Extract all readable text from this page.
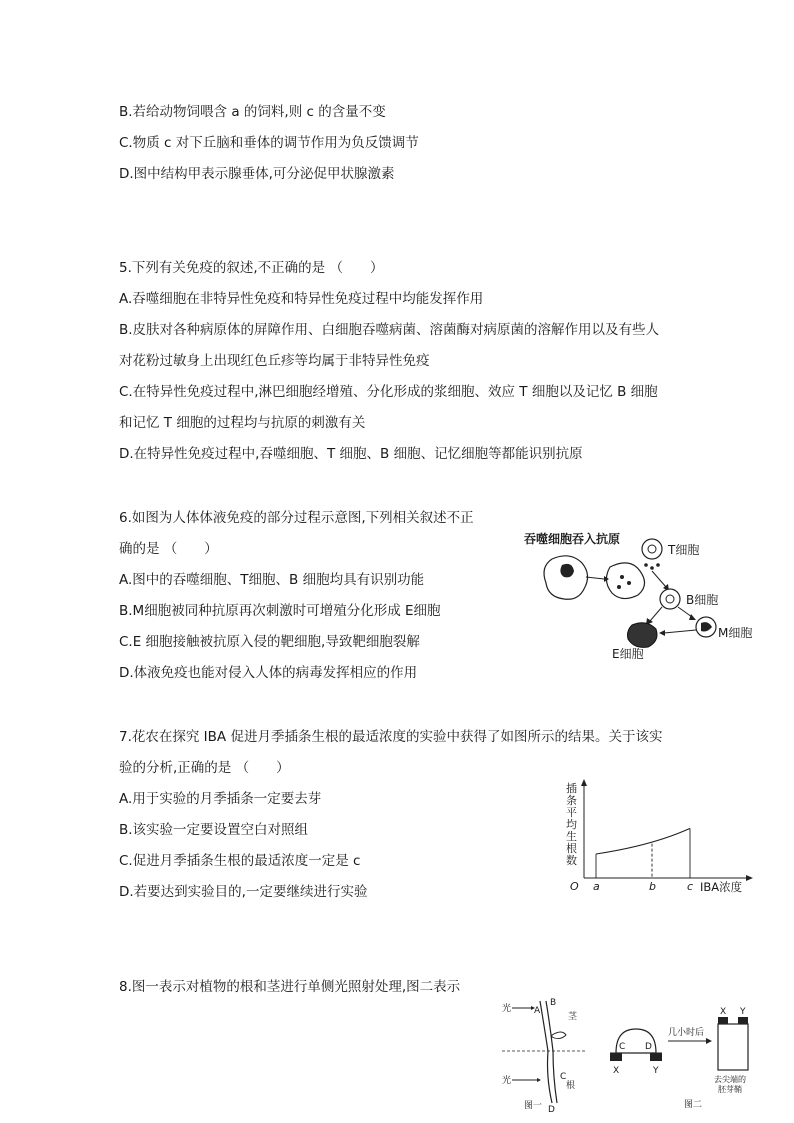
B.若给动物饲喂含 a 的饲料,则 c 的含量不变
C.物质 c 对下丘脑和垂体的调节作用为负反馈调节
D.图中结构甲表示腺垂体,可分泌促甲状腺激素
5.下列有关免疫的叙述,不正确的是 （　　）
A.吞噬细胞在非特异性免疫和特异性免疫过程中均能发挥作用
B.皮肤对各种病原体的屏障作用、白细胞吞噬病菌、溶菌酶对病原菌的溶解作用以及有些人
对花粉过敏身上出现红色丘疹等均属于非特异性免疫
C.在特异性免疫过程中,淋巴细胞经增殖、分化形成的浆细胞、效应 T 细胞以及记忆 B 细胞
和记忆 T 细胞的过程均与抗原的刺激有关
D.在特异性免疫过程中,吞噬细胞、T 细胞、B 细胞、记忆细胞等都能识别抗原
6.如图为人体体液免疫的部分过程示意图,下列相关叙述不正
确的是 （　　）
A.图中的吞噬细胞、T细胞、B 细胞均具有识别功能
B.M细胞被同种抗原再次刺激时可增殖分化形成 E细胞
C.E 细胞接触被抗原入侵的靶细胞,导致靶细胞裂解
D.体液免疫也能对侵入人体的病毒发挥相应的作用
吞噬细胞吞入抗原
T细胞
B细胞
M细胞
E细胞
7.花农在探究 IBA 促进月季插条生根的最适浓度的实验中获得了如图所示的结果。关于该实
验的分析,正确的是 （　　）
A.用于实验的月季插条一定要去芽
B.该实验一定要设置空白对照组
C.促进月季插条生根的最适浓度一定是 c
D.若要达到实验目的,一定要继续进行实验
插
条
平
均
生
根
数
O	IBA浓度
a	b	c
8.图一表示对植物的根和茎进行单侧光照射处理,图二表示
光	A
B
茎
光	C
D
根
图一
C D
X	Y
几小时后
X Y
去尖端的
胚芽鞘
图二
